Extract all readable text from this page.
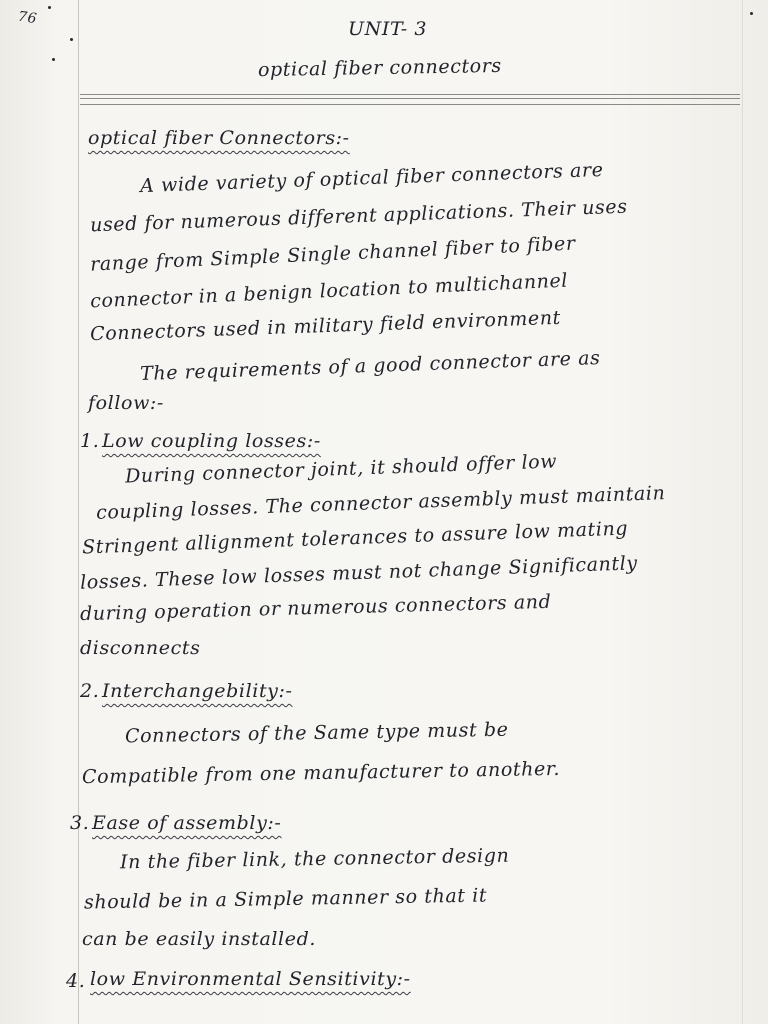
76	UNIT- 3
optical fiber connectors
optical fiber Connectors:-
A wide variety of optical fiber connectors are
used for numerous different applications. Their uses
range from Simple Single channel fiber to fiber
connector in a benign location to multichannel
Connectors used in military field environment
The requirements of a good connector are as
follow:-
1. Low coupling losses:-
During connector joint, it should offer low
coupling losses. The connector assembly must maintain
Stringent allignment tolerances to assure low mating
losses. These low losses must not change Significantly
during operation or numerous connectors and
disconnects
2. Interchangebility:-
Connectors of the Same type must be
Compatible from one manufacturer to another.
3. Ease of assembly:-
In the fiber link, the connector design
should be in a Simple manner so that it
can be easily installed.
4. low Environmental Sensitivity:-
